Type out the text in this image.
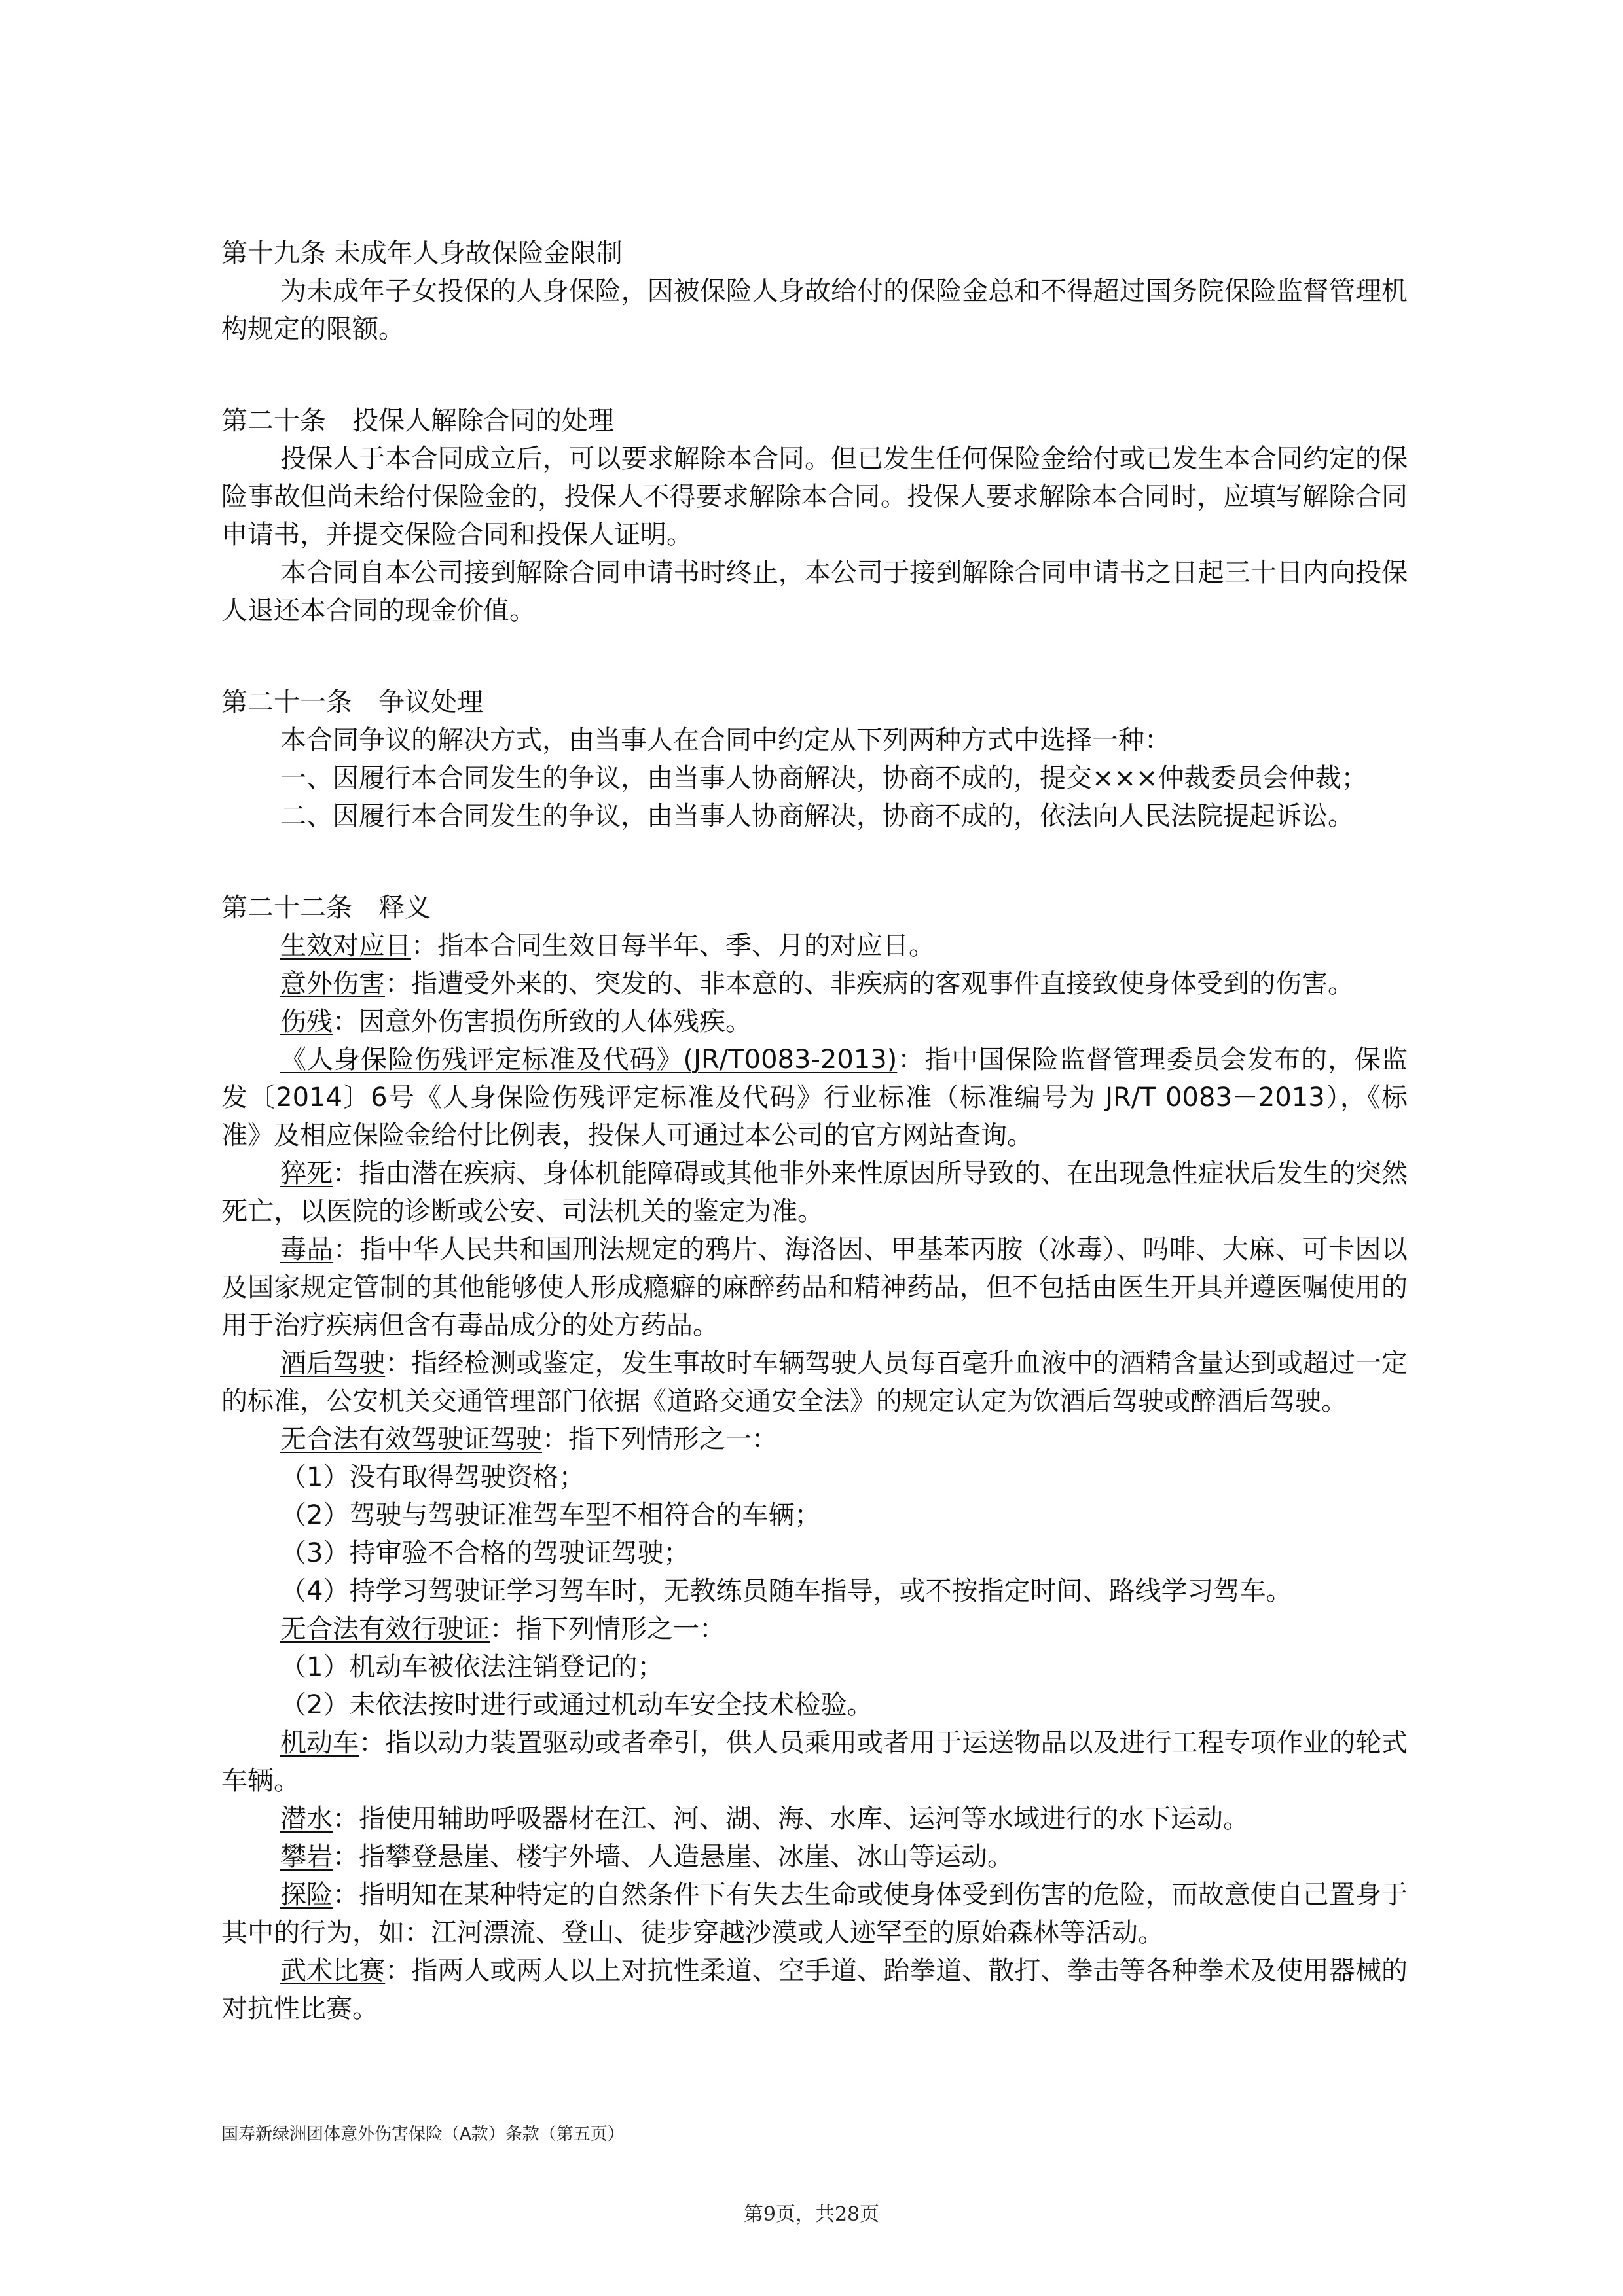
第十九条 未成年人身故保险金限制

为未成年子女投保的人身保险，因被保险人身故给付的保险金总和不得超过国务院保险监督管理机构规定的限额。

第二十条　投保人解除合同的处理

投保人于本合同成立后，可以要求解除本合同。但已发生任何保险金给付或已发生本合同约定的保险事故但尚未给付保险金的，投保人不得要求解除本合同。投保人要求解除本合同时，应填写解除合同申请书，并提交保险合同和投保人证明。

本合同自本公司接到解除合同申请书时终止，本公司于接到解除合同申请书之日起三十日内向投保人退还本合同的现金价值。

第二十一条　争议处理

本合同争议的解决方式，由当事人在合同中约定从下列两种方式中选择一种：

一、因履行本合同发生的争议，由当事人协商解决，协商不成的，提交×××仲裁委员会仲裁；

二、因履行本合同发生的争议，由当事人协商解决，协商不成的，依法向人民法院提起诉讼。

第二十二条　释义

生效对应日：指本合同生效日每半年、季、月的对应日。

意外伤害：指遭受外来的、突发的、非本意的、非疾病的客观事件直接致使身体受到的伤害。

伤残：因意外伤害损伤所致的人体残疾。

《人身保险伤残评定标准及代码》(JR/T0083-2013)：指中国保险监督管理委员会发布的，保监发〔2014〕6号《人身保险伤残评定标准及代码》行业标准（标准编号为 JR/T 0083－2013），《标准》及相应保险金给付比例表，投保人可通过本公司的官方网站查询。

猝死：指由潜在疾病、身体机能障碍或其他非外来性原因所导致的、在出现急性症状后发生的突然死亡，以医院的诊断或公安、司法机关的鉴定为准。

毒品：指中华人民共和国刑法规定的鸦片、海洛因、甲基苯丙胺（冰毒）、吗啡、大麻、可卡因以及国家规定管制的其他能够使人形成瘾癖的麻醉药品和精神药品，但不包括由医生开具并遵医嘱使用的用于治疗疾病但含有毒品成分的处方药品。

酒后驾驶：指经检测或鉴定，发生事故时车辆驾驶人员每百毫升血液中的酒精含量达到或超过一定的标准，公安机关交通管理部门依据《道路交通安全法》的规定认定为饮酒后驾驶或醉酒后驾驶。

无合法有效驾驶证驾驶：指下列情形之一：

（1）没有取得驾驶资格；

（2）驾驶与驾驶证准驾车型不相符合的车辆；

（3）持审验不合格的驾驶证驾驶；

（4）持学习驾驶证学习驾车时，无教练员随车指导，或不按指定时间、路线学习驾车。

无合法有效行驶证：指下列情形之一：

（1）机动车被依法注销登记的；

（2）未依法按时进行或通过机动车安全技术检验。

机动车：指以动力装置驱动或者牵引，供人员乘用或者用于运送物品以及进行工程专项作业的轮式车辆。

潜水：指使用辅助呼吸器材在江、河、湖、海、水库、运河等水域进行的水下运动。

攀岩：指攀登悬崖、楼宇外墙、人造悬崖、冰崖、冰山等运动。

探险：指明知在某种特定的自然条件下有失去生命或使身体受到伤害的危险，而故意使自己置身于其中的行为，如：江河漂流、登山、徒步穿越沙漠或人迹罕至的原始森林等活动。

武术比赛：指两人或两人以上对抗性柔道、空手道、跆拳道、散打、拳击等各种拳术及使用器械的对抗性比赛。

国寿新绿洲团体意外伤害保险（A款）条款（第五页）
第9页，共28页
